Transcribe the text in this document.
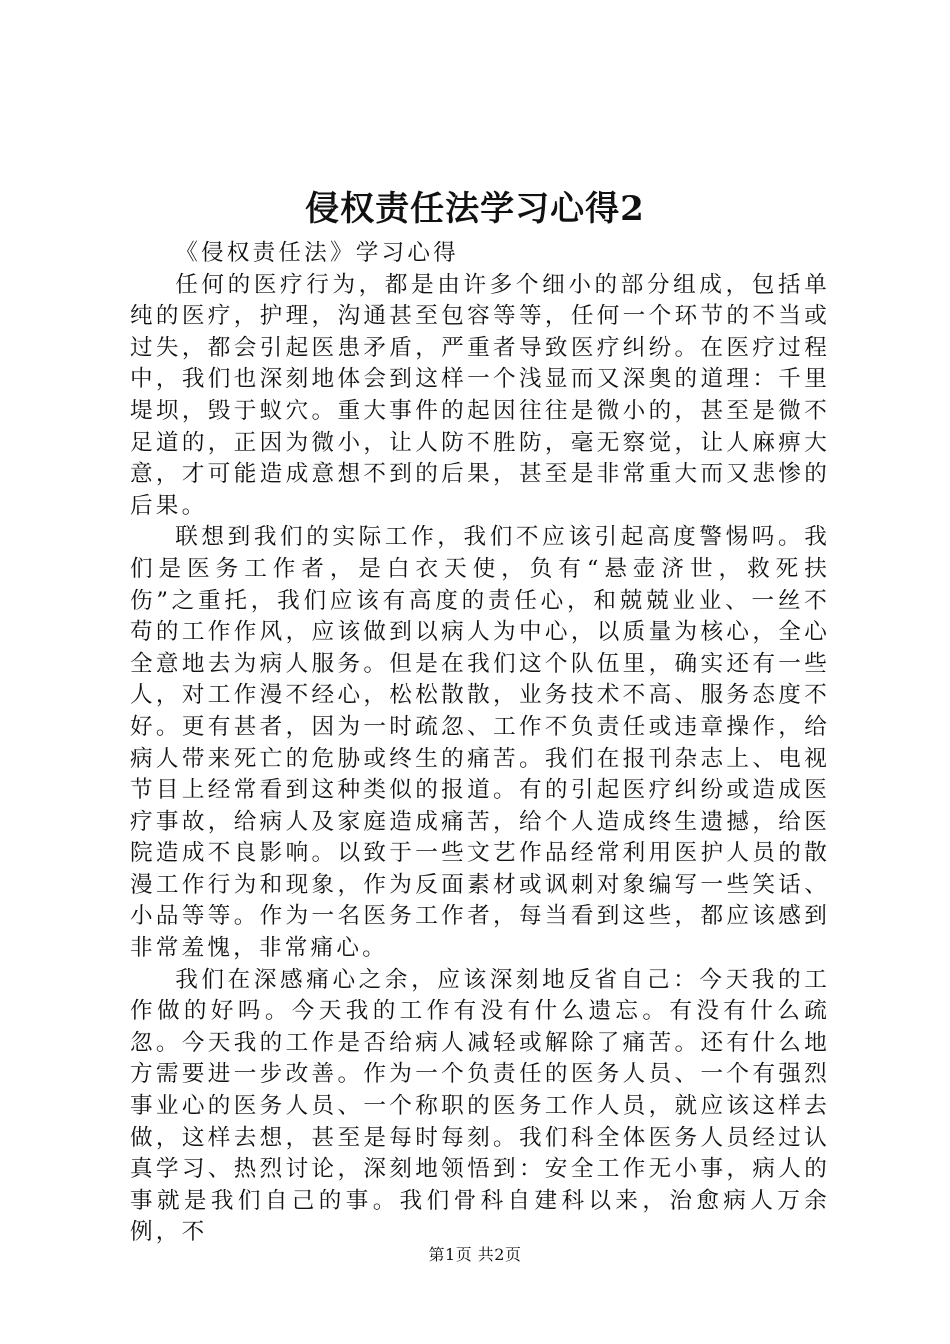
侵权责任法学习心得2

《侵权责任法》学习心得

任何的医疗行为，都是由许多个细小的部分组成，包括单纯的医疗，护理，沟通甚至包容等等，任何一个环节的不当或过失，都会引起医患矛盾，严重者导致医疗纠纷。在医疗过程中，我们也深刻地体会到这样一个浅显而又深奥的道理：千里堤坝，毁于蚁穴。重大事件的起因往往是微小的，甚至是微不足道的，正因为微小，让人防不胜防，毫无察觉，让人麻痹大意，才可能造成意想不到的后果，甚至是非常重大而又悲惨的后果。

联想到我们的实际工作，我们不应该引起高度警惕吗。我们是医务工作者，是白衣天使，负有“悬壶济世，救死扶伤”之重托，我们应该有高度的责任心，和兢兢业业、一丝不苟的工作作风，应该做到以病人为中心，以质量为核心，全心全意地去为病人服务。但是在我们这个队伍里，确实还有一些人，对工作漫不经心，松松散散，业务技术不高、服务态度不好。更有甚者，因为一时疏忽、工作不负责任或违章操作，给病人带来死亡的危胁或终生的痛苦。我们在报刊杂志上、电视节目上经常看到这种类似的报道。有的引起医疗纠纷或造成医疗事故，给病人及家庭造成痛苦，给个人造成终生遗撼，给医院造成不良影响。以致于一些文艺作品经常利用医护人员的散漫工作行为和现象，作为反面素材或讽刺对象编写一些笑话、小品等等。作为一名医务工作者，每当看到这些，都应该感到非常羞愧，非常痛心。

我们在深感痛心之余，应该深刻地反省自己：今天我的工作做的好吗。今天我的工作有没有什么遗忘。有没有什么疏忽。今天我的工作是否给病人减轻或解除了痛苦。还有什么地方需要进一步改善。作为一个负责任的医务人员、一个有强烈事业心的医务人员、一个称职的医务工作人员，就应该这样去做，这样去想，甚至是每时每刻。我们科全体医务人员经过认真学习、热烈讨论，深刻地领悟到：安全工作无小事，病人的事就是我们自己的事。我们骨科自建科以来，治愈病人万余例，不

第1页 共2页
